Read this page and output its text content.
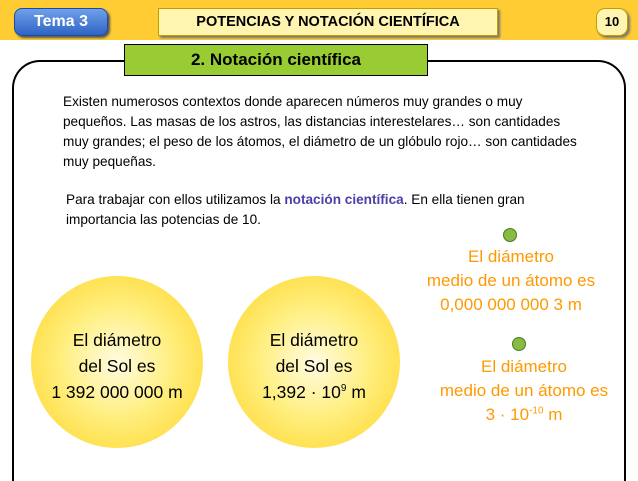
Tema 3	POTENCIAS Y NOTACIÓN CIENTÍFICA	10
2. Notación científica

Existen numerosos contextos donde aparecen números muy grandes o muy pequeños. Las masas de los astros, las distancias interestelares… son cantidades muy grandes; el peso de los átomos, el diámetro de un glóbulo rojo… son cantidades muy pequeñas.

Para trabajar con ellos utilizamos la notación científica. En ella tienen gran importancia las potencias de 10.

El diámetro
del Sol es
1 392 000 000 m
El diámetro
del Sol es
$1,392 \cdot 10^9$ m
El diámetro
medio de un átomo es
0,000 000 000 3 m
El diámetro
medio de un átomo es
$3 \cdot 10^{-10}$ m
